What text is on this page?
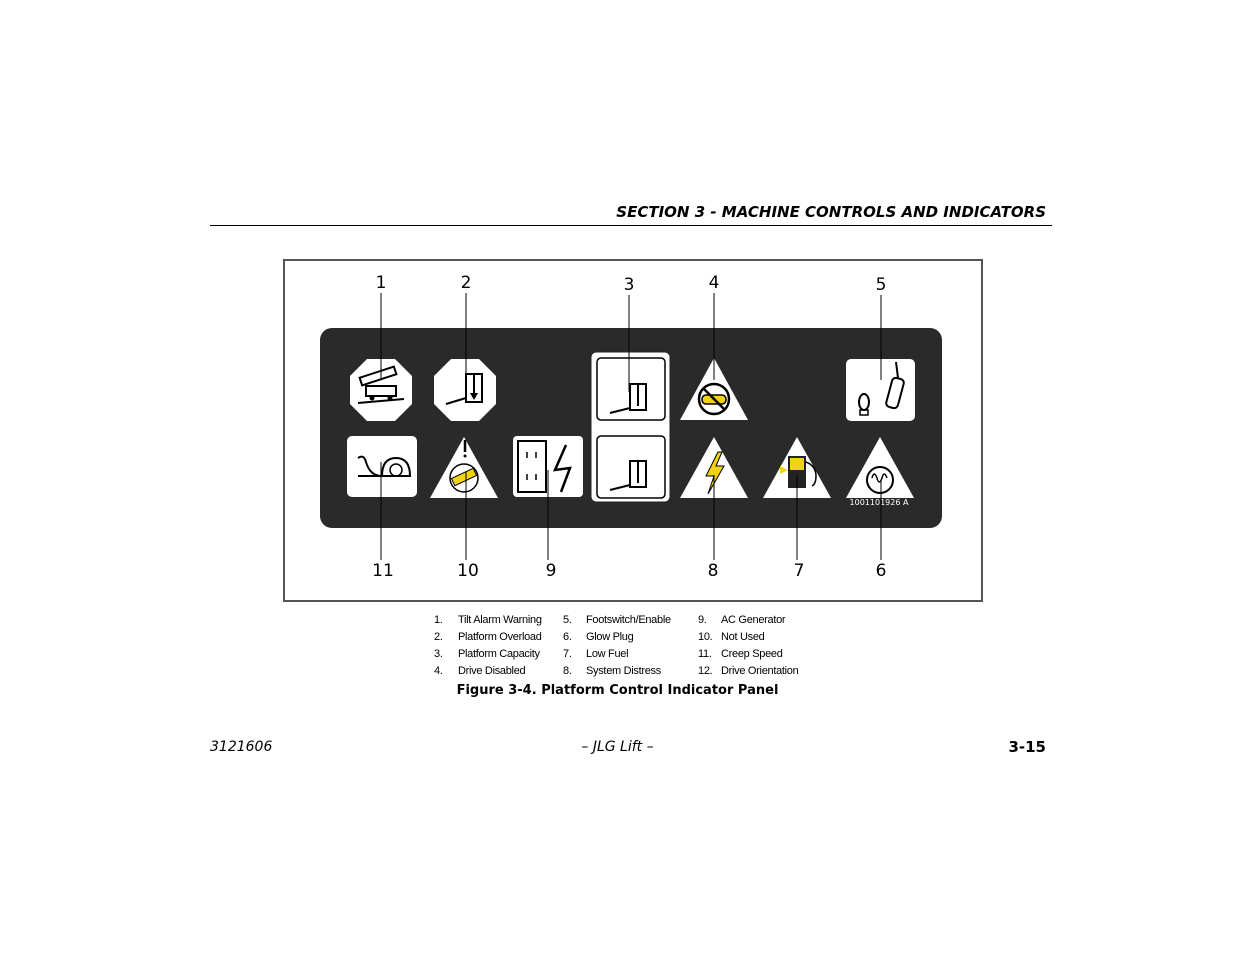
SECTION 3 - MACHINE CONTROLS AND INDICATORS
1001101926 A
1	2	3	4	5
11	10	9	8	7	6
1. Tilt Alarm Warning
2. Platform Overload
3. Platform Capacity
4. Drive Disabled
5. Footswitch/Enable
6. Glow Plug
7. Low Fuel
8. System Distress
9. AC Generator
10. Not Used
11. Creep Speed
12. Drive Orientation
Figure 3-4. Platform Control Indicator Panel
3121606	– JLG Lift –	3-15
